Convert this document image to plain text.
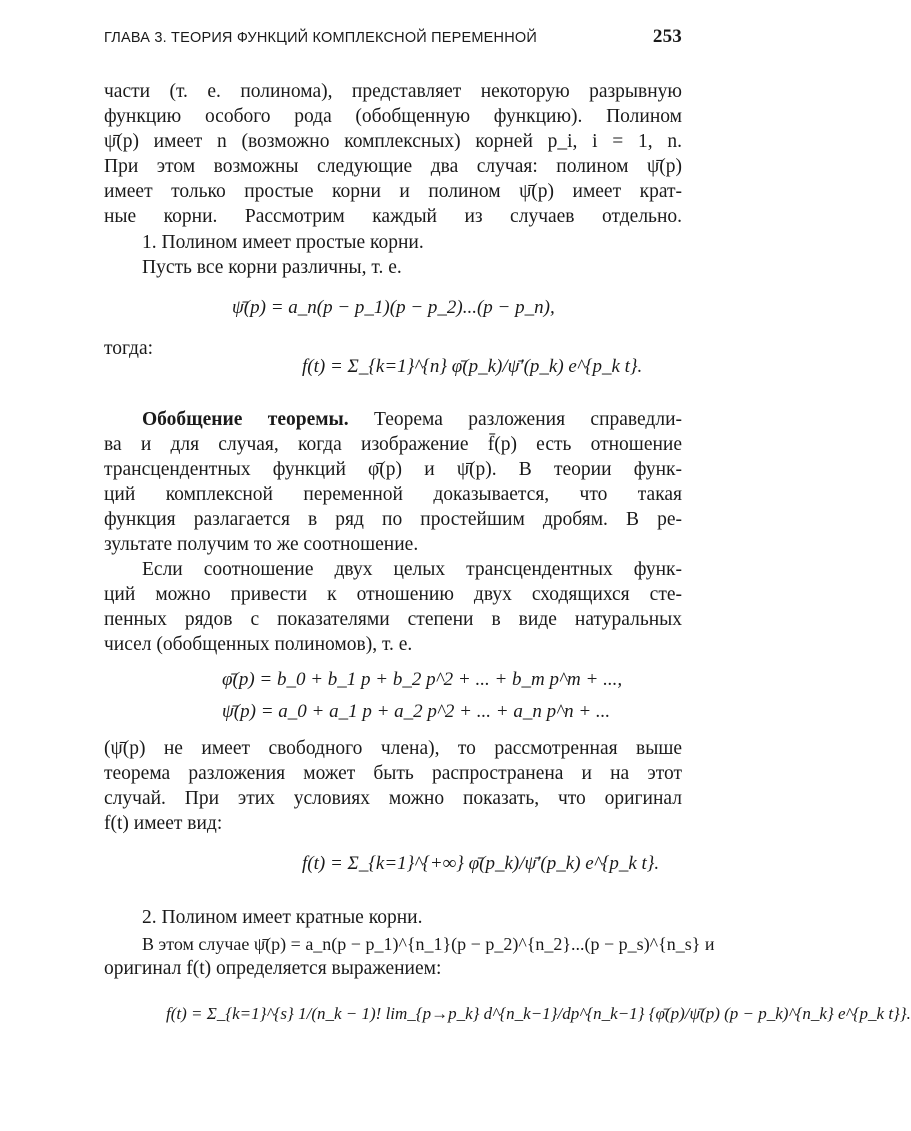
ГЛАВА 3. ТЕОРИЯ ФУНКЦИЙ КОМПЛЕКСНОЙ ПЕРЕМЕННОЙ	253
части (т. е. полинома), представляет некоторую разрывную
функцию особого рода (обобщенную функцию). Полином
ψ̄(p) имеет n (возможно комплексных) корней p_i, i = 1, n.
При этом возможны следующие два случая: полином ψ̄(p)
имеет только простые корни и полином ψ̄(p) имеет крат-
ные корни. Рассмотрим каждый из случаев отдельно.
1. Полином имеет простые корни.
Пусть все корни различны, т. е.
ψ̄(p) = a_n(p − p_1)(p − p_2)...(p − p_n),
тогда:
f(t) = Σ_{k=1}^{n} φ̄(p_k)/ψ̄′(p_k) e^{p_k t}.
Обобщение теоремы. Теорема разложения справедли-
ва и для случая, когда изображение f̄(p) есть отношение
трансцендентных функций φ̄(p) и ψ̄(p). В теории функ-
ций комплексной переменной доказывается, что такая
функция разлагается в ряд по простейшим дробям. В ре-
зультате получим то же соотношение.
Если соотношение двух целых трансцендентных функ-
ций можно привести к отношению двух сходящихся сте-
пенных рядов с показателями степени в виде натуральных
чисел (обобщенных полиномов), т. е.
φ̄(p) = b_0 + b_1 p + b_2 p^2 + ... + b_m p^m + ...,
ψ̄(p) = a_0 + a_1 p + a_2 p^2 + ... + a_n p^n + ...
(ψ̄(p) не имеет свободного члена), то рассмотренная выше
теорема разложения может быть распространена и на этот
случай. При этих условиях можно показать, что оригинал
f(t) имеет вид:
f(t) = Σ_{k=1}^{+∞} φ̄(p_k)/ψ̄′(p_k) e^{p_k t}.
2. Полином имеет кратные корни.
В этом случае ψ̄(p) = a_n(p − p_1)^{n_1}(p − p_2)^{n_2}...(p − p_s)^{n_s} и
оригинал f(t) определяется выражением:
f(t) = Σ_{k=1}^{s} 1/(n_k − 1)! lim_{p→p_k} d^{n_k−1}/dp^{n_k−1} {φ̄(p)/ψ̄(p) (p − p_k)^{n_k} e^{p_k t}}.
